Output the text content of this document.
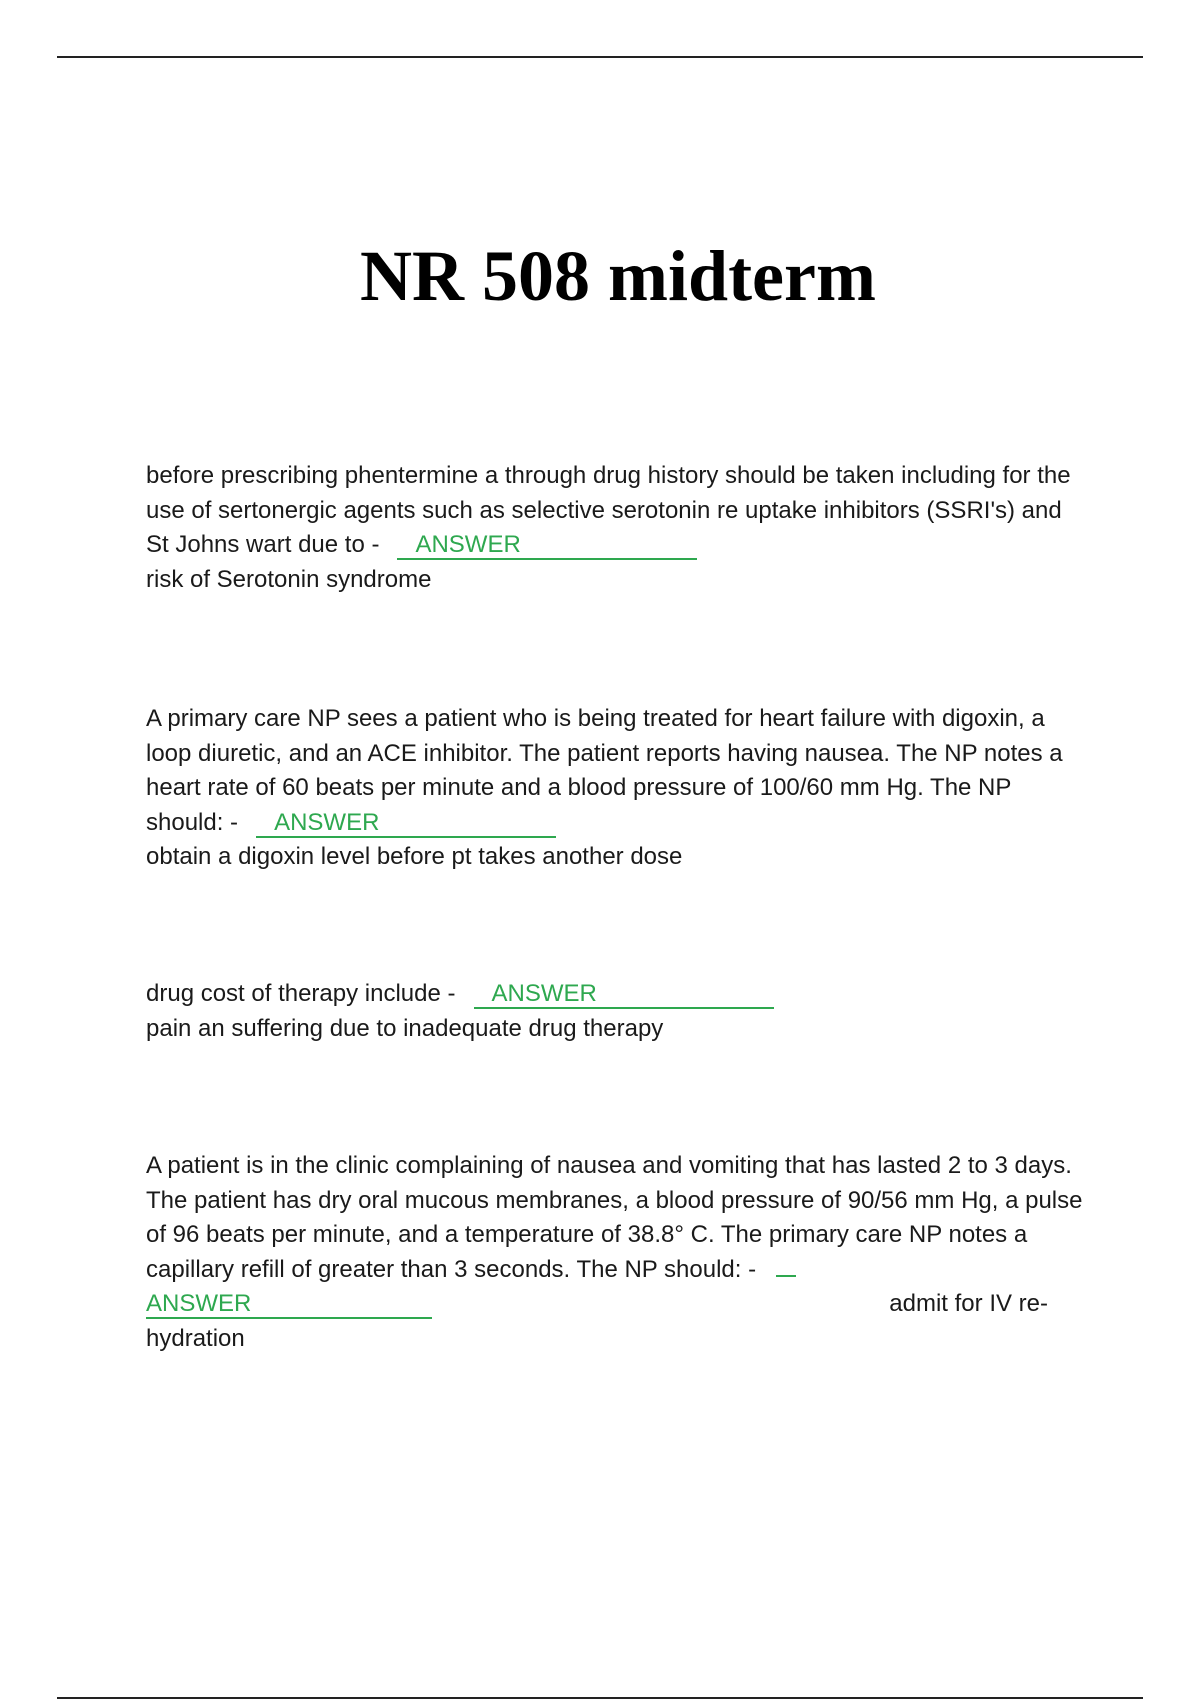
NR 508 midterm
before prescribing phentermine a through drug history should be taken including for the use of sertonergic agents such as selective serotonin re uptake inhibitors (SSRI's) and St Johns wart due to - ANSWER
risk of Serotonin syndrome
A primary care NP sees a patient who is being treated for heart failure with digoxin, a loop diuretic, and an ACE inhibitor. The patient reports having nausea. The NP notes a heart rate of 60 beats per minute and a blood pressure of 100/60 mm Hg. The NP should: - ANSWER
obtain a digoxin level before pt takes another dose
drug cost of therapy include - ANSWER
pain an suffering due to inadequate drug therapy
A patient is in the clinic complaining of nausea and vomiting that has lasted 2 to 3 days. The patient has dry oral mucous membranes, a blood pressure of 90/56 mm Hg, a pulse of 96 beats per minute, and a temperature of 38.8° C. The primary care NP notes a capillary refill of greater than 3 seconds. The NP should: -
ANSWER	admit for IV re-
hydration
